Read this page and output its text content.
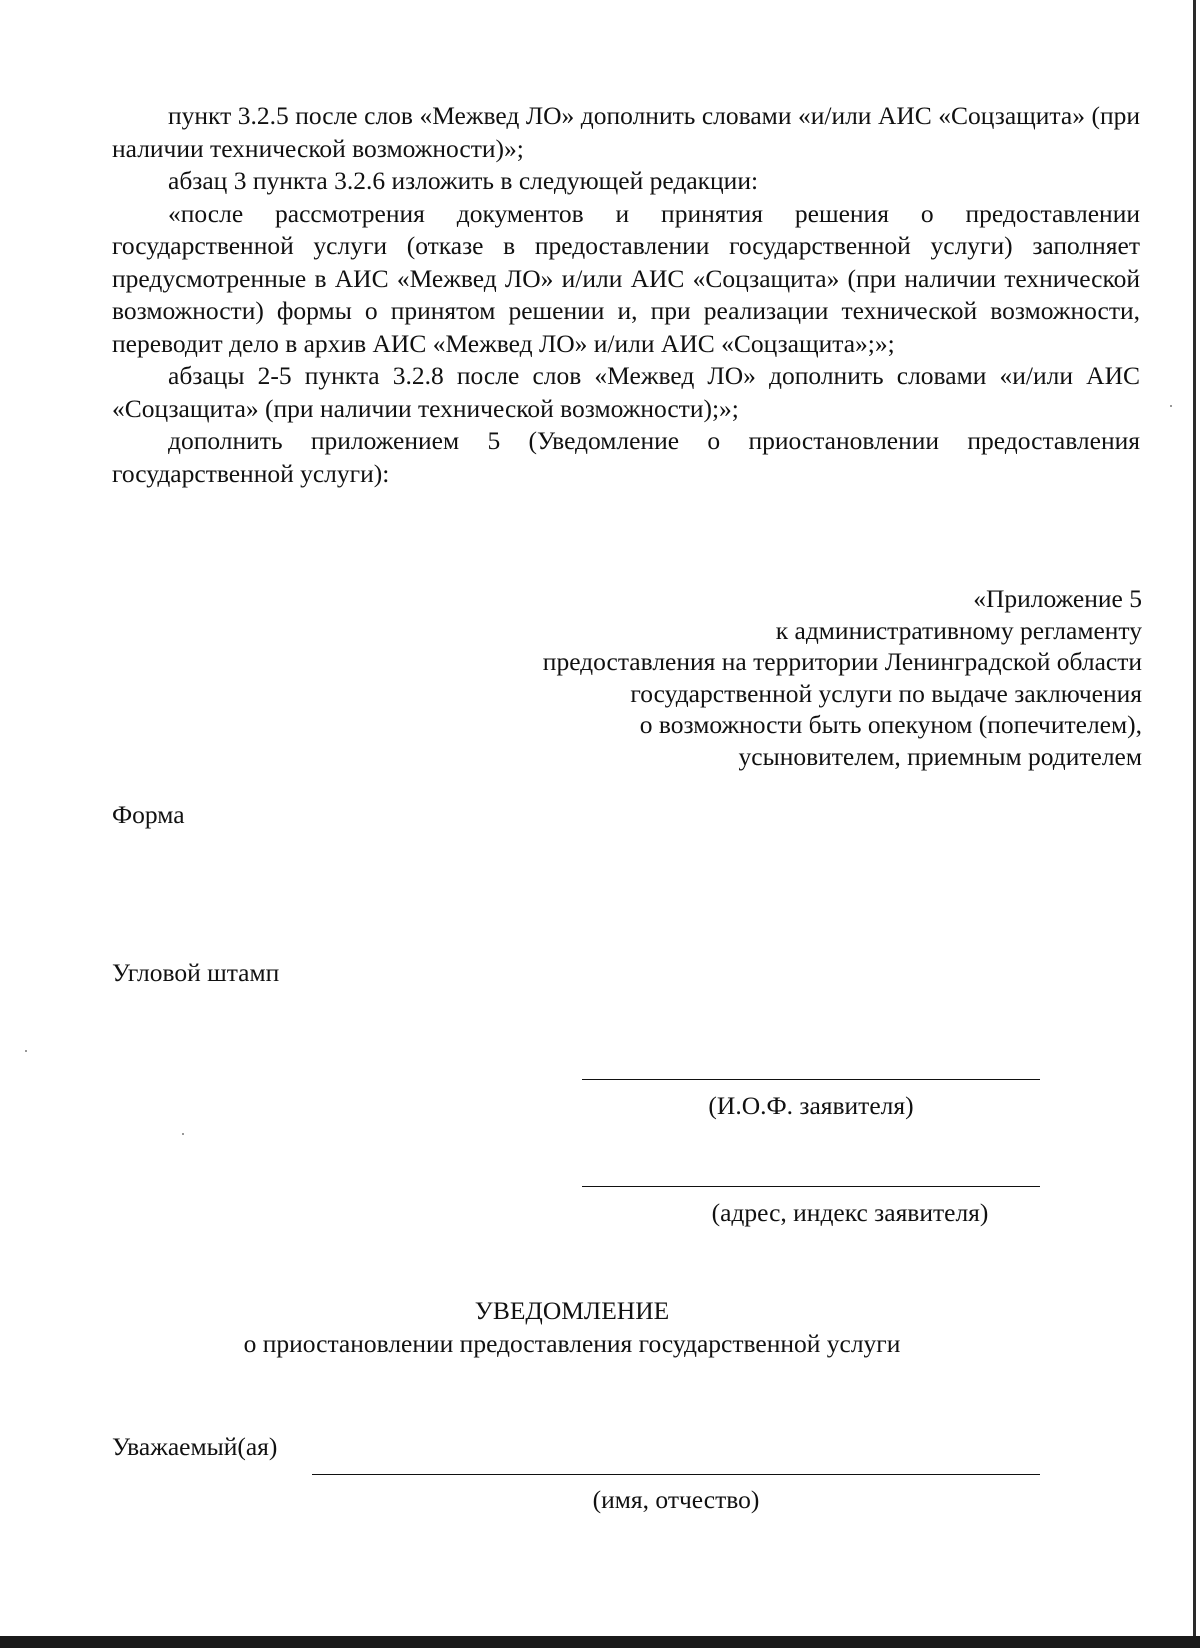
пункт 3.2.5 после слов «Межвед ЛО» дополнить словами «и/или АИС «Соцзащита» (при наличии технической возможности)»;

абзац 3 пункта 3.2.6 изложить в следующей редакции:

«после рассмотрения документов и принятия решения о предоставлении государственной услуги (отказе в предоставлении государственной услуги) заполняет предусмотренные в АИС «Межвед ЛО» и/или АИС «Соцзащита» (при наличии технической возможности) формы о принятом решении и, при реализации технической возможности, переводит дело в архив АИС «Межвед ЛО» и/или АИС «Соцзащита»;»;

абзацы 2-5 пункта 3.2.8 после слов «Межвед ЛО» дополнить словами «и/или АИС «Соцзащита» (при наличии технической возможности);»;

дополнить приложением 5 (Уведомление о приостановлении предоставления государственной услуги):

«Приложение 5
к административному регламенту
предоставления на территории Ленинградской области
государственной услуги по выдаче заключения
о возможности быть опекуном (попечителем),
усыновителем, приемным родителем
Форма
Угловой штамп
(И.О.Ф. заявителя)
(адрес, индекс заявителя)
УВЕДОМЛЕНИЕ
о приостановлении предоставления государственной услуги
Уважаемый(ая)
(имя, отчество)
